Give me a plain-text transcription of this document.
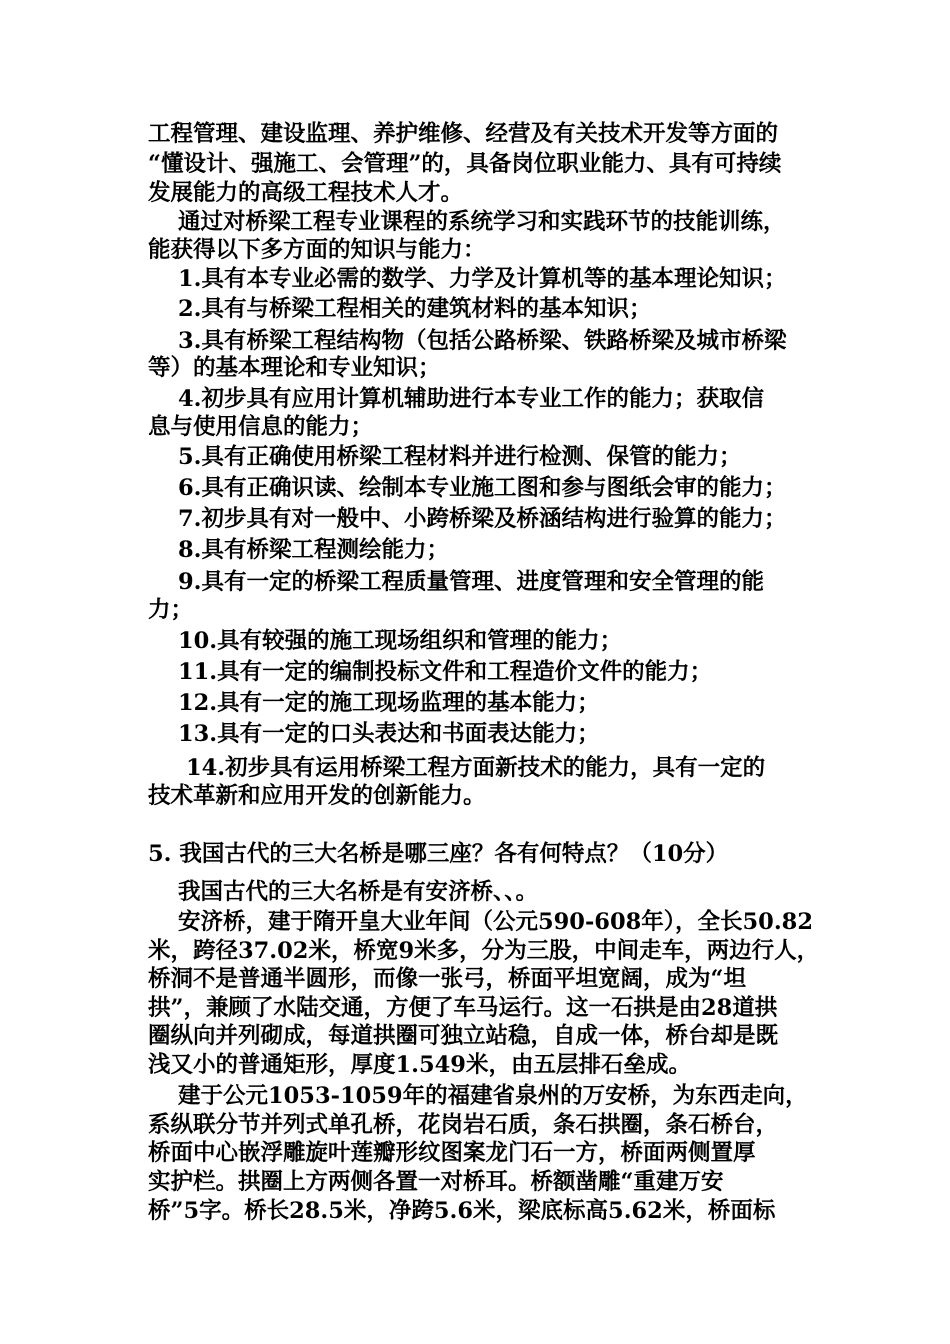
工程管理、建设监理、养护维修、经营及有关技术开发等方面的
“懂设计、强施工、会管理”的，具备岗位职业能力、具有可持续
发展能力的高级工程技术人才。
通过对桥梁工程专业课程的系统学习和实践环节的技能训练，
能获得以下多方面的知识与能力：
1.具有本专业必需的数学、力学及计算机等的基本理论知识；
2.具有与桥梁工程相关的建筑材料的基本知识；
3.具有桥梁工程结构物（包括公路桥梁、铁路桥梁及城市桥梁
等）的基本理论和专业知识；
4.初步具有应用计算机辅助进行本专业工作的能力；获取信
息与使用信息的能力；
5.具有正确使用桥梁工程材料并进行检测、保管的能力；
6.具有正确识读、绘制本专业施工图和参与图纸会审的能力；
7.初步具有对一般中、小跨桥梁及桥涵结构进行验算的能力；
8.具有桥梁工程测绘能力；
9.具有一定的桥梁工程质量管理、进度管理和安全管理的能
力；
10.具有较强的施工现场组织和管理的能力；
11.具有一定的编制投标文件和工程造价文件的能力；
12.具有一定的施工现场监理的基本能力；
13.具有一定的口头表达和书面表达能力；
14.初步具有运用桥梁工程方面新技术的能力，具有一定的
技术革新和应用开发的创新能力。
5. 我国古代的三大名桥是哪三座？各有何特点？（10分）
我国古代的三大名桥是有安济桥、、。
安济桥，建于隋开皇大业年间（公元590-608年），全长50.82
米，跨径37.02米，桥宽9米多，分为三股，中间走车，两边行人，
桥洞不是普通半圆形，而像一张弓，桥面平坦宽阔，成为“坦
拱”，兼顾了水陆交通，方便了车马运行。这一石拱是由28道拱
圈纵向并列砌成，每道拱圈可独立站稳，自成一体，桥台却是既
浅又小的普通矩形，厚度1.549米，由五层排石垒成。
建于公元1053-1059年的福建省泉州的万安桥，为东西走向，
系纵联分节并列式单孔桥，花岗岩石质，条石拱圈，条石桥台，
桥面中心嵌浮雕旋叶莲瓣形纹图案龙门石一方，桥面两侧置厚
实护栏。拱圈上方两侧各置一对桥耳。桥额凿雕“重建万安
桥”5字。桥长28.5米，净跨5.6米，梁底标高5.62米，桥面标
